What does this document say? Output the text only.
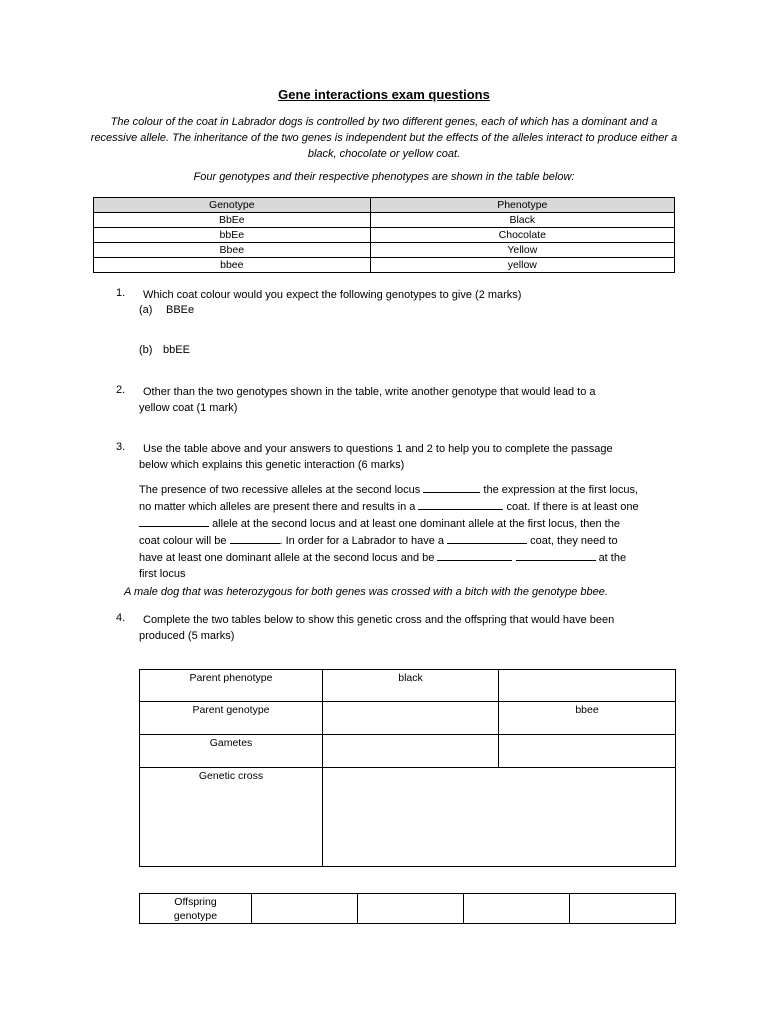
Gene interactions exam questions
The colour of the coat in Labrador dogs is controlled by two different genes, each of which has a dominant and a recessive allele. The inheritance of the two genes is independent but the effects of the alleles interact to produce either a black, chocolate or yellow coat.
Four genotypes and their respective phenotypes are shown in the table below:
Genotype	Phenotype
BbEe	Black
bbEe	Chocolate
Bbee	Yellow
bbee	yellow
1. Which coat colour would you expect the following genotypes to give (2 marks)
(a) BBEe
(b) bbEE
2. Other than the two genotypes shown in the table, write another genotype that would lead to a
yellow coat (1 mark)
3. Use the table above and your answers to questions 1 and 2 to help you to complete the passage
below which explains this genetic interaction (6 marks)
The presence of two recessive alleles at the second locus	the expression at the first locus,
no matter which alleles are present there and results in a	coat. If there is at least one
allele at the second locus and at least one dominant allele at the first locus, then the
coat colour will be	. In order for a Labrador to have a	coat, they need to
have at least one dominant allele at the second locus and be	at the
first locus
A male dog that was heterozygous for both genes was crossed with a bitch with the genotype bbee.
4. Complete the two tables below to show this genetic cross and the offspring that would have been
produced (5 marks)
Parent phenotype	black	
Parent genotype		bbee
Gametes		
Genetic cross		
Offspring genotype				
